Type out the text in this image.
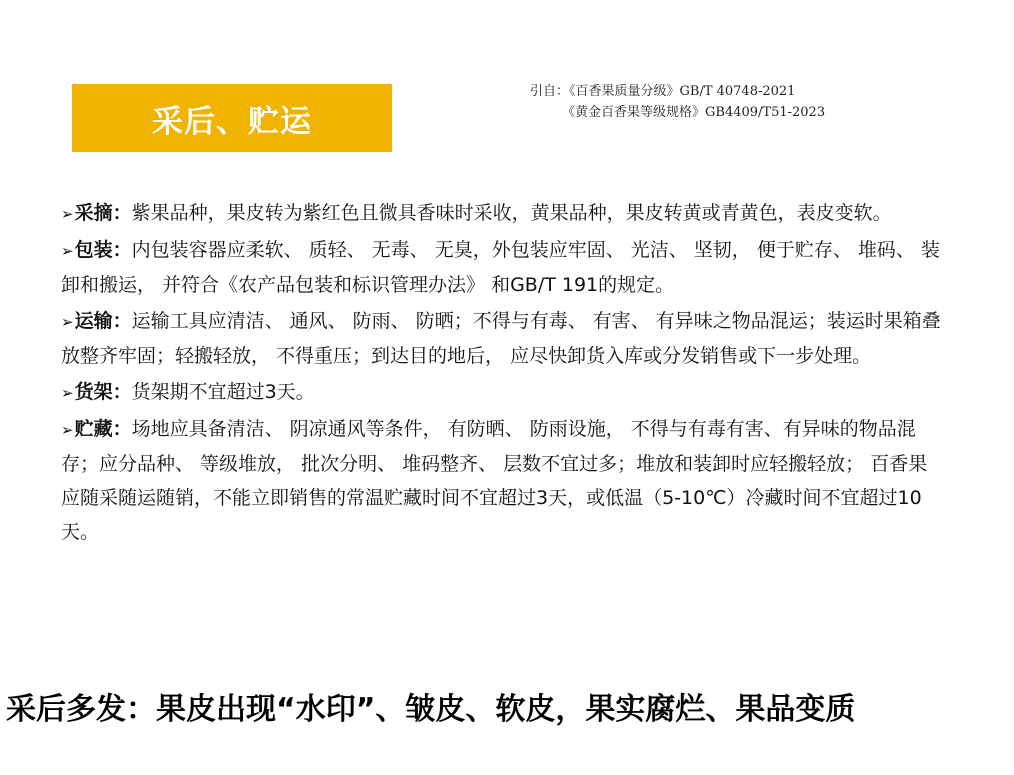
采后、贮运
引自：《百香果质量分级》GB/T 40748-2021
《黄金百香果等级规格》GB4409/T51-2023

➢采摘：紫果品种，果皮转为紫红色且微具香味时采收，黄果品种，果皮转黄或青黄色，表皮变软。

➢包装：内包装容器应柔软、 质轻、 无毒、 无臭，外包装应牢固、 光洁、 坚韧， 便于贮存、 堆码、 装卸和搬运， 并符合《农产品包装和标识管理办法》 和GB/T 191的规定。

➢运输：运输工具应清洁、 通风、 防雨、 防晒；不得与有毒、 有害、 有异味之物品混运；装运时果箱叠放整齐牢固；轻搬轻放， 不得重压；到达目的地后， 应尽快卸货入库或分发销售或下一步处理。

➢货架：货架期不宜超过3天。

➢贮藏：场地应具备清洁、 阴凉通风等条件， 有防晒、 防雨设施， 不得与有毒有害、有异味的物品混存；应分品种、 等级堆放， 批次分明、 堆码整齐、 层数不宜过多；堆放和装卸时应轻搬轻放； 百香果应随采随运随销，不能立即销售的常温贮藏时间不宜超过3天，或低温（5-10℃）冷藏时间不宜超过10天。

采后多发：果皮出现“水印”、皱皮、软皮，果实腐烂、果品变质
